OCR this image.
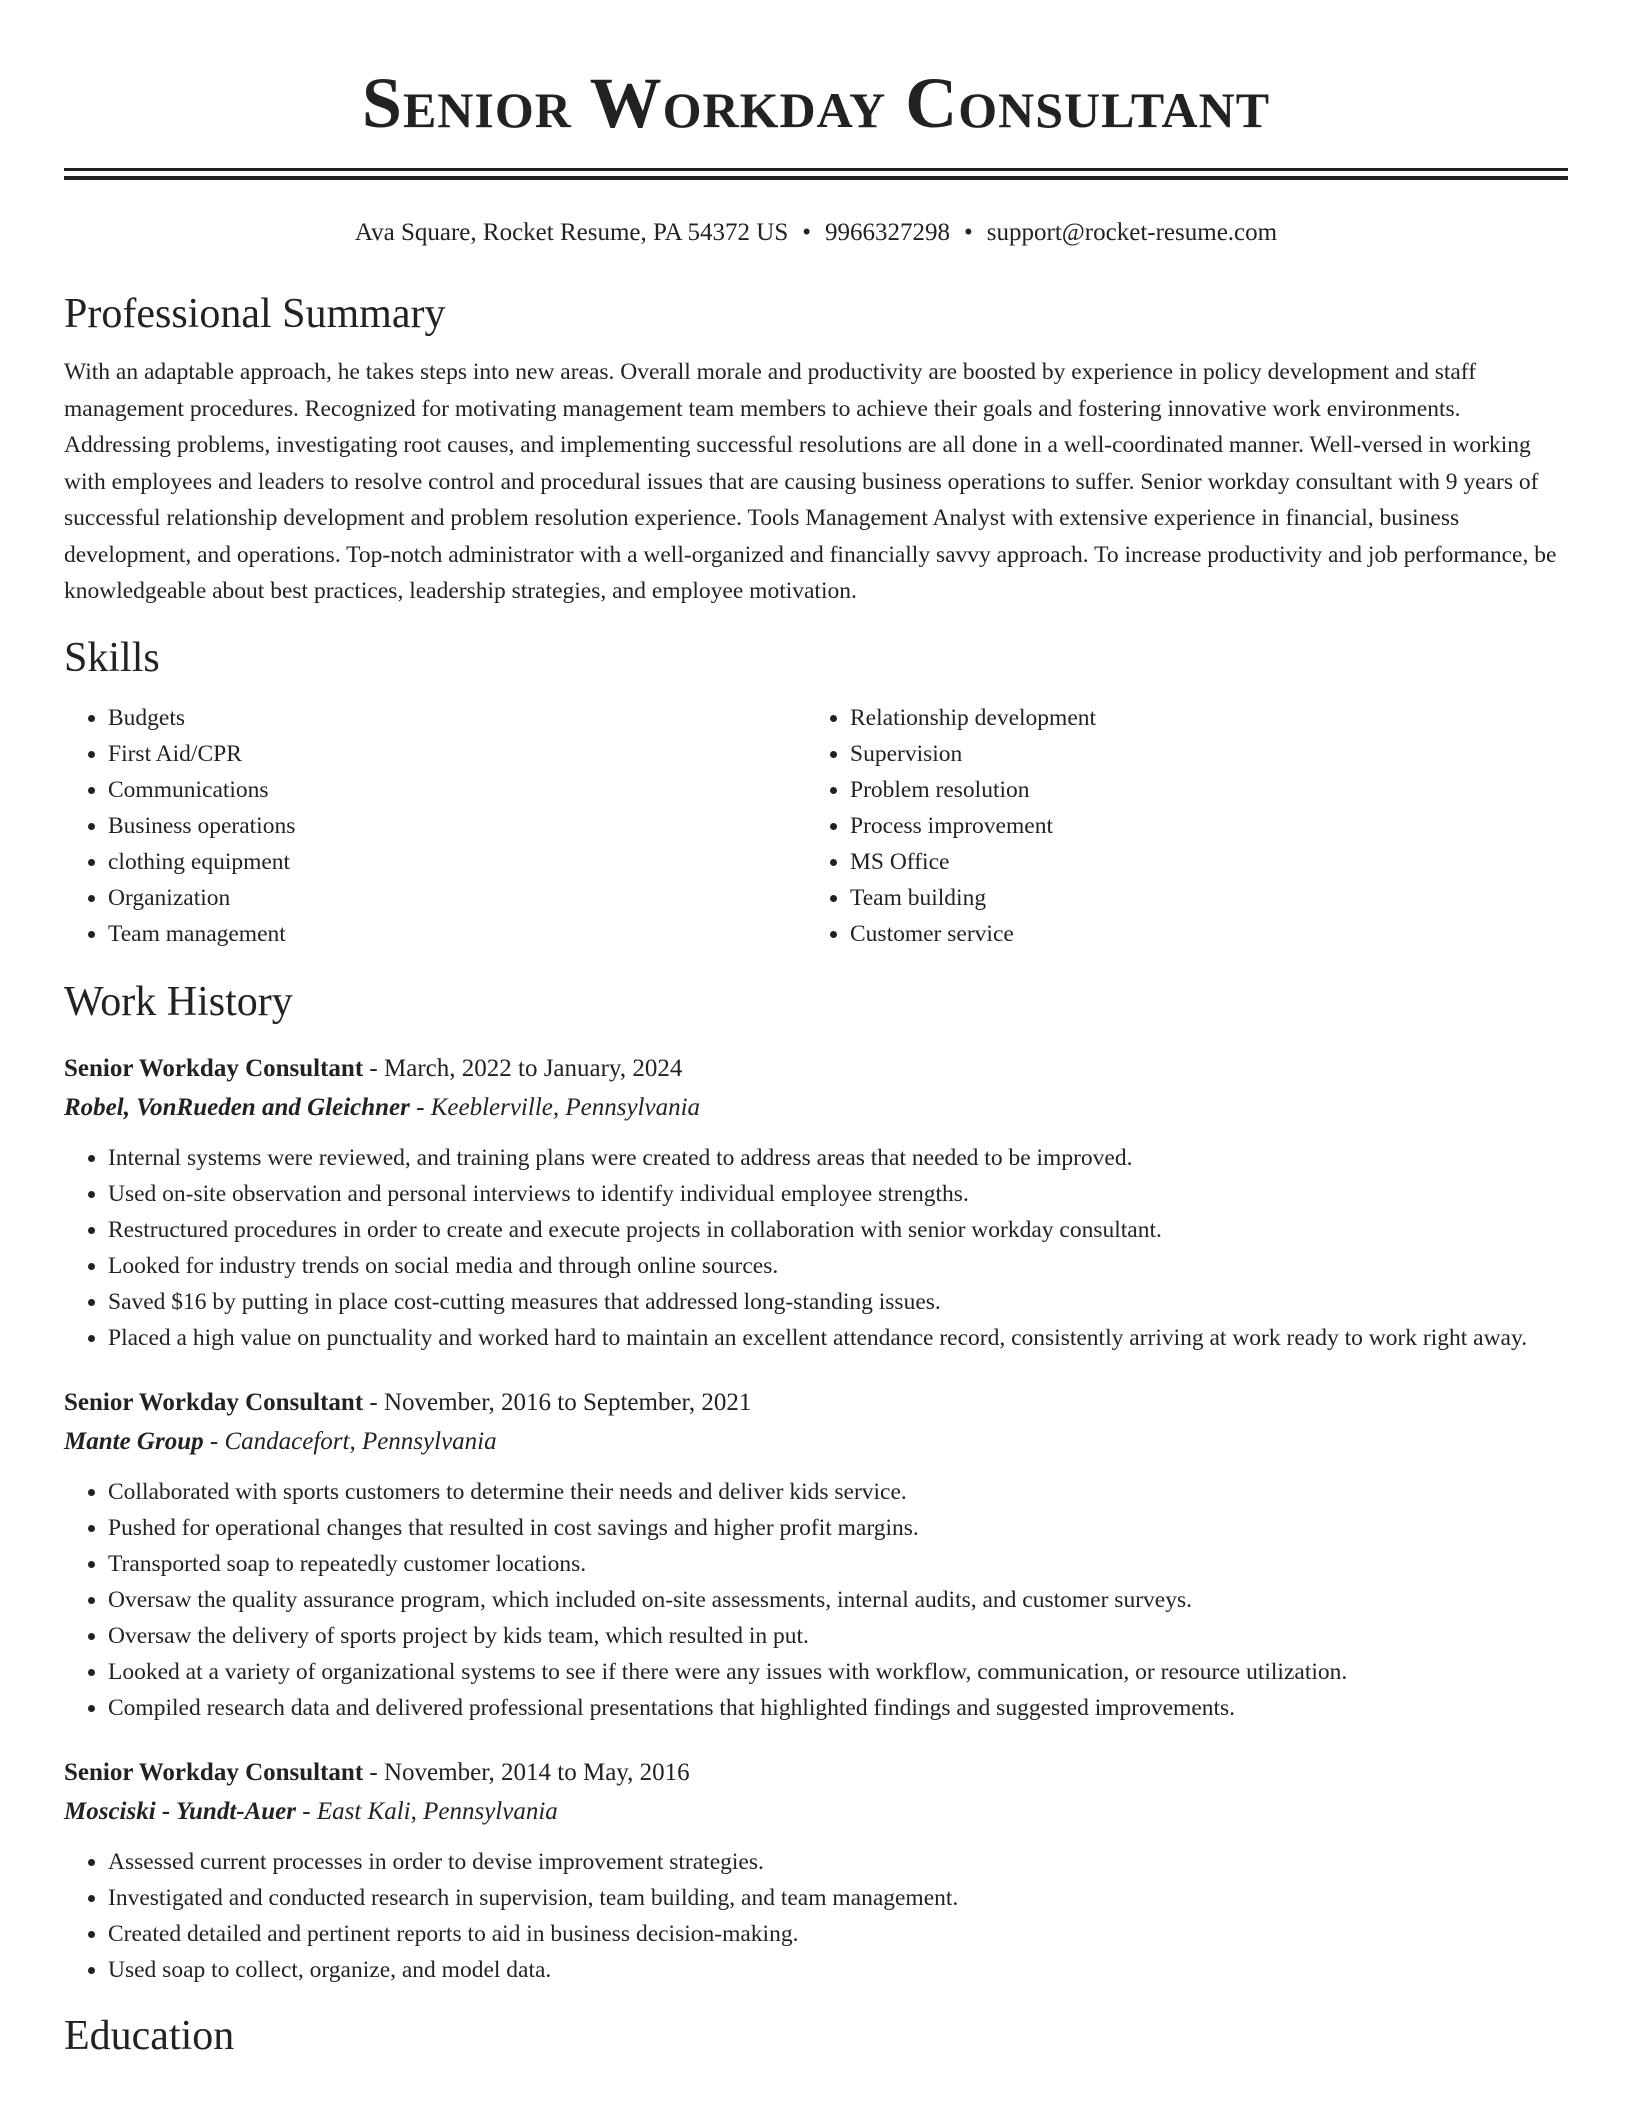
Senior Workday Consultant
Ava Square, Rocket Resume, PA 54372 US • 9966327298 • support@rocket-resume.com
Professional Summary

With an adaptable approach, he takes steps into new areas. Overall morale and productivity are boosted by experience in policy development and staff management procedures. Recognized for motivating management team members to achieve their goals and fostering innovative work environments. Addressing problems, investigating root causes, and implementing successful resolutions are all done in a well-coordinated manner. Well-versed in working with employees and leaders to resolve control and procedural issues that are causing business operations to suffer. Senior workday consultant with 9 years of successful relationship development and problem resolution experience. Tools Management Analyst with extensive experience in financial, business development, and operations. Top-notch administrator with a well-organized and financially savvy approach. To increase productivity and job performance, be knowledgeable about best practices, leadership strategies, and employee motivation.

Skills
• Budgets
• First Aid/CPR
• Communications
• Business operations
• clothing equipment
• Organization
• Team management
• Relationship development
• Supervision
• Problem resolution
• Process improvement
• MS Office
• Team building
• Customer service
Work History
Senior Workday Consultant - March, 2022 to January, 2024
Robel, VonRueden and Gleichner - Keeblerville, Pennsylvania
• Internal systems were reviewed, and training plans were created to address areas that needed to be improved.
• Used on-site observation and personal interviews to identify individual employee strengths.
• Restructured procedures in order to create and execute projects in collaboration with senior workday consultant.
• Looked for industry trends on social media and through online sources.
• Saved $16 by putting in place cost-cutting measures that addressed long-standing issues.
• Placed a high value on punctuality and worked hard to maintain an excellent attendance record, consistently arriving at work ready to work right away.
Senior Workday Consultant - November, 2016 to September, 2021
Mante Group - Candacefort, Pennsylvania
• Collaborated with sports customers to determine their needs and deliver kids service.
• Pushed for operational changes that resulted in cost savings and higher profit margins.
• Transported soap to repeatedly customer locations.
• Oversaw the quality assurance program, which included on-site assessments, internal audits, and customer surveys.
• Oversaw the delivery of sports project by kids team, which resulted in put.
• Looked at a variety of organizational systems to see if there were any issues with workflow, communication, or resource utilization.
• Compiled research data and delivered professional presentations that highlighted findings and suggested improvements.
Senior Workday Consultant - November, 2014 to May, 2016
Mosciski - Yundt-Auer - East Kali, Pennsylvania
• Assessed current processes in order to devise improvement strategies.
• Investigated and conducted research in supervision, team building, and team management.
• Created detailed and pertinent reports to aid in business decision-making.
• Used soap to collect, organize, and model data.
Education
